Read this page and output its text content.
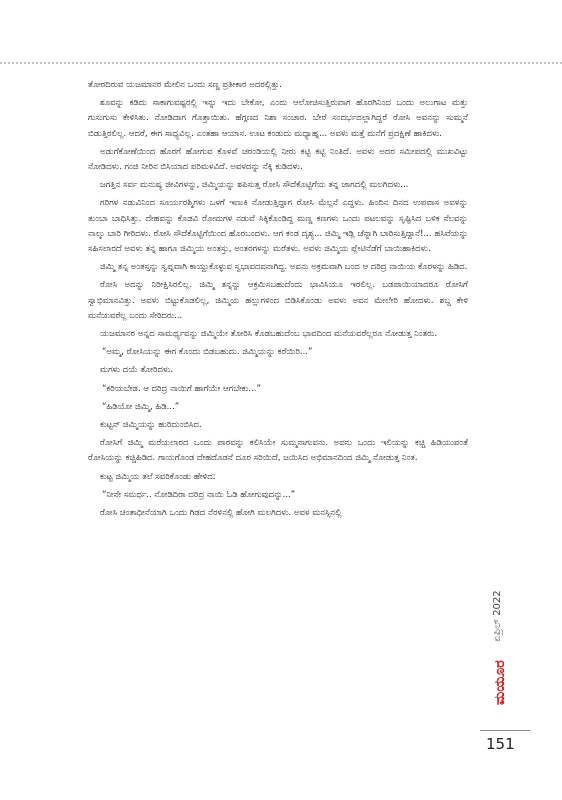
ತೋರದಿರುವ ಯಜಮಾನರ ಮೇಲಿನ ಒಂದು ಸಣ್ಣ ಪ್ರತೀಕಾರ ಅದರಲ್ಲಿತ್ತು.

ಶೂವನ್ನು ಕಡಿದು ಸಾಕಾಗುವಷ್ಟರಲ್ಲಿ ಇನ್ನು ಇದು ಬೇಕೋ, ಎಂದು ಆಲೋಚಿಸುತ್ತಿರುವಾಗ ಹೊರಗಿನಿಂದ ಒಂದು ಅಲುಗಾಟ ಮತ್ತು ಗುಸುಗುಸು ಕೇಳಿಸಿತು. ನೋಡಿದಾಗ ಗೊತ್ತಾಯಿತು. ಹೆಗ್ಗಣದ ನಿಶಾ ಸಂಚಾರ. ಬೇರೆ ಸಂದರ್ಭದಲ್ಲಾಗಿದ್ದರೆ ರೋಸಿ ಅವನನ್ನು ಸುಮ್ಮನೆ ಬಿಡುತ್ತಿರಲಿಲ್ಲ. ಆದರೆ, ಈಗ ಸಾಧ್ಯವಿಲ್ಲ. ಎಂತಹಾ ಆಯಾಸ. ಊಟ ಕಂಡುದು ಮಧ್ಯಾಹ್ನ... ಅವಳು ಮತ್ತೆ ಮನೆಗೆ ಪ್ರದಕ್ಷಿಣೆ ಹಾಕಿದಳು.

ಅಡುಗೆಕೋಣೆಯಿಂದ ಹೊರಗೆ ಹೋಗುವ ಕೊಳವೆ ಚರಂಡಿಯಲ್ಲಿ ನೀರು ಕಟ್ಟಿ ಕಟ್ಟಿ ನಿಂತಿದೆ. ಅವಳು ಅದರ ಸಮೀಪದಲ್ಲಿ ಮುಖವಿಟ್ಟು ನೋಡಿದಳು. ಗಂಜಿ ನೀರಿನ ಬಿಸಿಯಾದ ಪರಿಮಳವಿದೆ. ಅವಳದನ್ನು ನೆಕ್ಕಿ ಕುಡಿದಳು.

ಜಗತ್ತಿನ ಸರ್ವ ಮನುಷ್ಯ ಜೀವಿಗಳನ್ನು, ಜಿಮ್ಮಿಯನ್ನು ಶಪಿಸುತ್ತ ರೋಸಿ ಸೌದೆಕೊಟ್ಟಿಗೆಯ ತನ್ನ ಜಾಗದಲ್ಲಿ ಮಲಗಿದಳು...

ಗರಿಗಳ ನಡುವಿನಿಂದ ಸೂರ್ಯರಶ್ಮಿಗಳು ಒಳಗೆ ಇಣುಕಿ ನೋಡುತ್ತಿದ್ದಾಗ ರೋಸಿ ಮೆಲ್ಲನೆ ಎದ್ದಳು. ಹಿಂದಿನ ದಿನದ ಉಪವಾಸ ಅವಳನ್ನು ತುಂಬಾ ಬಾಧಿಸಿತ್ತು. ದೇಹವನ್ನು ಕೊಡವಿ ರೋಮಗಳ ನಡುವೆ ಸಿಕ್ಕಿಕೊಂಡಿದ್ದ ಮಣ್ಣ ಕಣಗಳು ಒಂದು ಪಟಲವನ್ನು ಸೃಷ್ಟಿಸಿದ ಬಳಿಕ ನೆಲವನ್ನು ನಾಲ್ಕು ಬಾರಿ ಗೀರಿದಳು. ರೋಸಿ ಸೌದೆಕೊಟ್ಟಿಗೆಯಿಂದ ಹೊರಬಂದಳು. ಆಗ ಕಂಡ ದೃಶ್ಯ... ಜಿಮ್ಮಿ ಇಡ್ಲಿ ಚೆನ್ನಾಗಿ ಬಾರಿಸುತ್ತಿದ್ದಾನೆ!... ಹಸಿವೆಯನ್ನು ಸಹಿಸಲಾರದೆ ಅವಳು ತನ್ನ ಹಾಗೂ ಜಿಮ್ಮಿಯ ಅಂತಸ್ತು, ಅಂತರಗಳನ್ನು ಮರೆತಳು. ಅವಳು ಜಿಮ್ಮಿಯ ಪ್ಲೇಟಿನೆಡೆಗೆ ಬಾಯಿಹಾಕಿದಳು.

ಜಿಮ್ಮಿ ತನ್ನ ಅಂತಸ್ತನ್ನು ಸ್ವಪ್ನವಾಗಿ ಕಾಯ್ದುಕೊಳ್ಳುವ ಸ್ವಭಾವದವನಾಗಿದ್ದ. ಅವನು ಅಕ್ರಮವಾಗಿ ಬಂದ ಆ ದರಿದ್ರ ನಾಯಿಯ ಕೊರಳನ್ನು ಹಿಡಿದ.

ರೋಸಿ ಅದನ್ನು ನಿರೀಕ್ಷಿಸಿರಲಿಲ್ಲ. ಜಿಮ್ಮಿ ತನ್ನನ್ನು ಆಕ್ರಮಿಸಬಹುದೆಂದು ಭಾವಿಸಿಯೂ ಇರಲಿಲ್ಲ. ಬಡಪಾಯಿಯಾದರೂ ರೋಸಿಗೆ ಸ್ವಾಭಿಮಾನವಿತ್ತು. ಅವಳು ಬಿಟ್ಟುಕೊಡಲಿಲ್ಲ, ಜಿಮ್ಮಿಯ ಹಲ್ಲುಗಳಿಂದ ಬಿಡಿಸಿಕೊಂಡು ಅವಳು ಅವನ ಮೇಲೇರಿ ಹೋದಳು. ಶಬ್ದ ಕೇಳಿ ಮನೆಯವರೆಲ್ಲ ಬಂದು ಸೇರಿದರು...

ಯಜಮಾನರ ಅನ್ನದ ಸಾಮರ್ಥ್ಯವನ್ನು ಜಿಮ್ಮಿಯೇ ತೋರಿಸಿ ಕೊಡಬಹುದೆಂಬ ಭಾವದಿಂದ ಮನೆಯವರೆಲ್ಲರೂ ನೋಡುತ್ತ ನಿಂತರು.

“ಅಮ್ಮ, ರೋಸಿಯನ್ನು ಈಗ ಕೊಂದು ಬಿಡಬಹುದು. ಜಿಮ್ಮಿಯನ್ನು ಕರೆಯಿರಿ...”

ಮಗಳು ದಯೆ ತೋರಿದಳು.

“ಕರಿಯಬೇಡ. ಆ ದರಿದ್ರ ನಾಯಿಗೆ ಹಾಗೆಯೇ ಆಗಬೇಕು...”

“ಹಿಡಿಯೋ ಜಿಮ್ಮಿ, ಹಿಡಿ...”

ಕುಟ್ಟನ್ ಜಿಮ್ಮಿಯನ್ನು ಹುರಿದುಂಬಿಸಿದ.

ರೋಸಿಗೆ ಜಿಮ್ಮಿ ಮರೆಯಲಾರದ ಒಂದು ಪಾಠವನ್ನು ಕಲಿಸಿಯೇ ಸುಮ್ಮನಾಗುವನು. ಅವನು ಒಂದು ಇಲಿಯನ್ನು ಕಚ್ಚಿ ಹಿಡಿಯುವಂತೆ ರೋಸಿಯನ್ನು ಕಚ್ಚಿಹಿಡಿದ. ಗಾಯಗೊಂಡ ದೇಹದೊಡನೆ ದೂರ ಸರಿಯಿದೆ, ಜಯಿಸಿದ ಅಭಿಮಾನದಿಂದ ಜಿಮ್ಮಿ ನೋಡುತ್ತ ನಿಂತ.

ಕುಟ್ಟ ಜಿಮ್ಮಿಯ ತಲೆ ಸವರಿಕೊಂಡು ಹೇಳಿದ:

“ನೀನೇ ಸಮರ್ಥ.. ನೋಡಿದಿರಾ ದರಿದ್ರ ನಾಯಿ ಓಡಿ ಹೋಗುವುದನ್ನು...”

ರೋಸಿ ಚಿಂತಾಧೀನೆಯಾಗಿ ಒಂದು ಗಿಡದ ನೆರಳಿನಲ್ಲಿ ಹೋಗಿ ಮಲಗಿದಳು. ಅವಳ ಮನಸ್ಸಿನಲ್ಲಿ

ಏಪ್ರಿಲ್ 2022
ಮಯೂರ
151
